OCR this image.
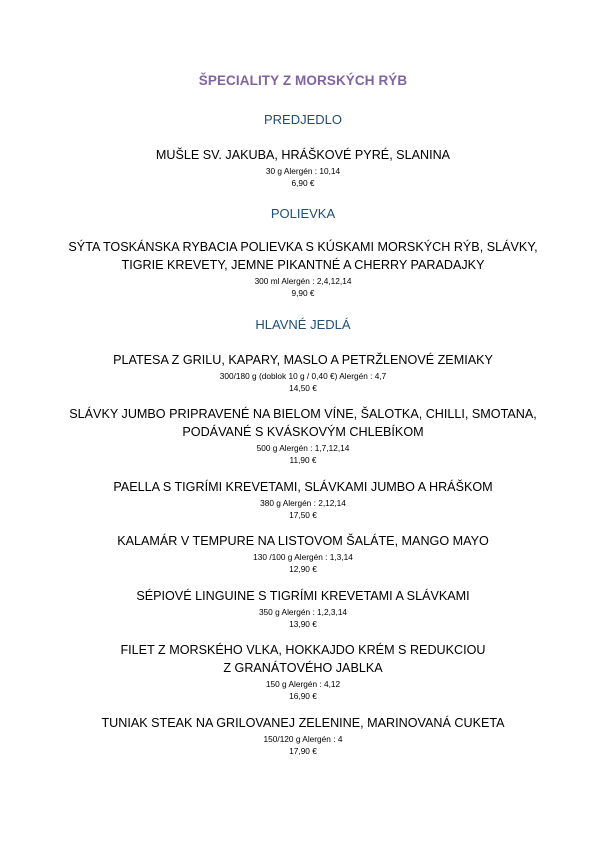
ŠPECIALITY Z MORSKÝCH RÝB
PREDJEDLO
MUŠLE SV. JAKUBA, HRÁŠKOVÉ PYRÉ, SLANINA
30 g Alergén : 10,14
6,90 €
POLIEVKA
SÝTA TOSKÁNSKA RYBACIA POLIEVKA S KÚSKAMI MORSKÝCH RÝB, SLÁVKY,
TIGRIE KREVETY, JEMNE PIKANTNÉ A CHERRY PARADAJKY
300 ml Alergén : 2,4,12,14
9,90 €
HLAVNÉ JEDLÁ
PLATESA Z GRILU, KAPARY, MASLO A PETRŽLENOVÉ ZEMIAKY
300/180 g (doblok 10 g / 0,40 €) Alergén : 4,7
14,50 €
SLÁVKY JUMBO PRIPRAVENÉ NA BIELOM VÍNE, ŠALOTKA, CHILLI, SMOTANA,
PODÁVANÉ S KVÁSKOVÝM CHLEBÍKOM
500 g Alergén : 1,7,12,14
11,90 €
PAELLA S TIGRÍMI KREVETAMI, SLÁVKAMI JUMBO A HRÁŠKOM
380 g Alergén : 2,12,14
17,50 €
KALAMÁR V TEMPURE NA LISTOVOM ŠALÁTE, MANGO MAYO
130 /100 g Alergén : 1,3,14
12,90 €
SÉPIOVÉ LINGUINE S TIGRÍMI KREVETAMI A SLÁVKAMI
350 g Alergén : 1,2,3,14
13,90 €
FILET Z MORSKÉHO VLKA, HOKKAJDO KRÉM S REDUKCIOU
Z GRANÁTOVÉHO JABLKA
150 g Alergén : 4,12
16,90 €
TUNIAK STEAK NA GRILOVANEJ ZELENINE, MARINOVANÁ CUKETA
150/120 g Alergén : 4
17,90 €
